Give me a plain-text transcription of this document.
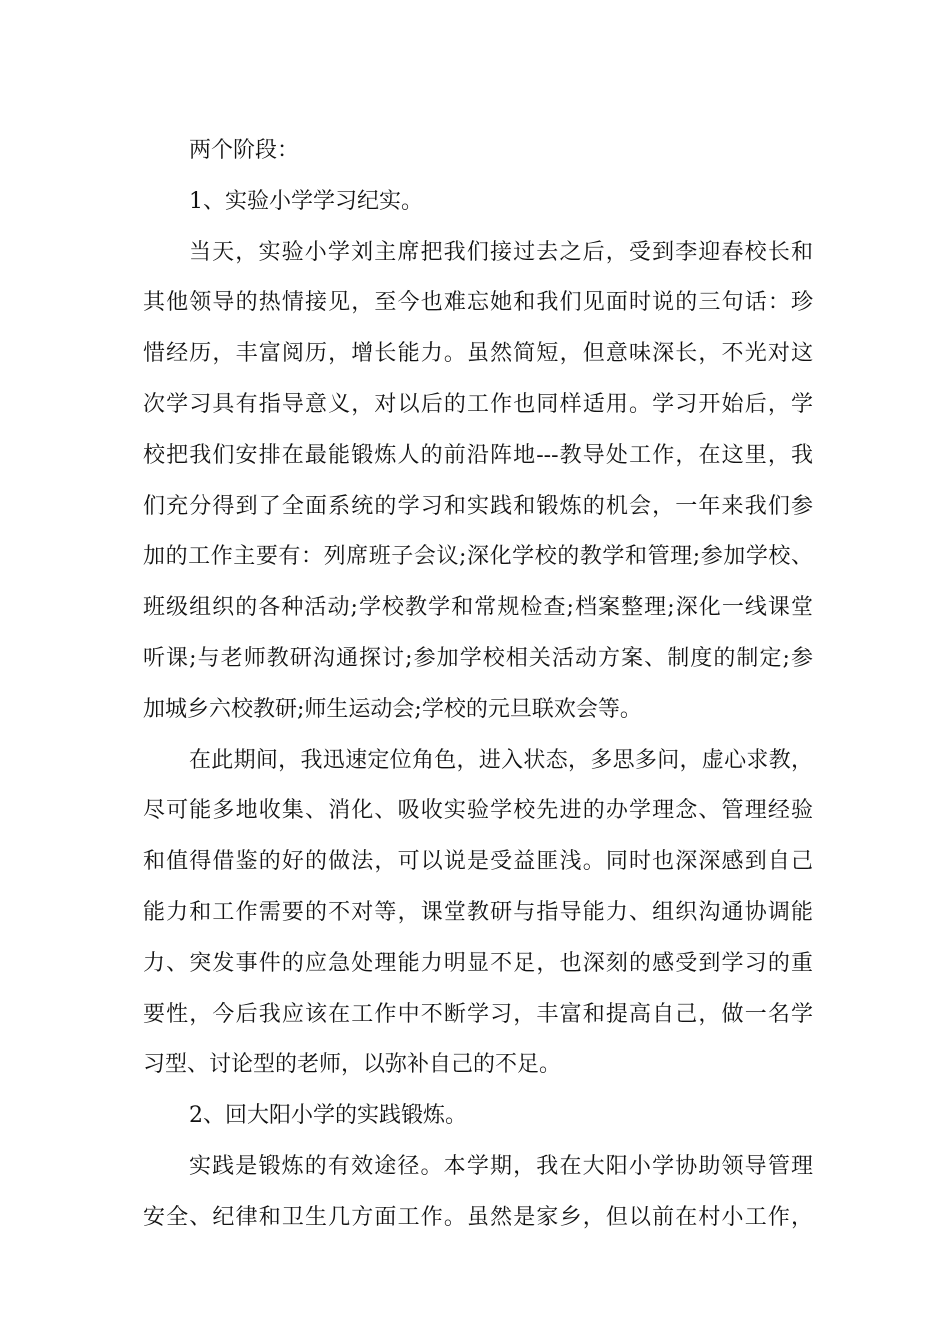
两个阶段：
1、实验小学学习纪实。
当天，实验小学刘主席把我们接过去之后，受到李迎春校长和
其他领导的热情接见，至今也难忘她和我们见面时说的三句话：珍
惜经历，丰富阅历，增长能力。虽然简短，但意味深长，不光对这
次学习具有指导意义，对以后的工作也同样适用。学习开始后，学
校把我们安排在最能锻炼人的前沿阵地---教导处工作，在这里，我
们充分得到了全面系统的学习和实践和锻炼的机会，一年来我们参
加的工作主要有：列席班子会议;深化学校的教学和管理;参加学校、
班级组织的各种活动;学校教学和常规检查;档案整理;深化一线课堂
听课;与老师教研沟通探讨;参加学校相关活动方案、制度的制定;参
加城乡六校教研;师生运动会;学校的元旦联欢会等。
在此期间，我迅速定位角色，进入状态，多思多问，虚心求教，
尽可能多地收集、消化、吸收实验学校先进的办学理念、管理经验
和值得借鉴的好的做法，可以说是受益匪浅。同时也深深感到自己
能力和工作需要的不对等，课堂教研与指导能力、组织沟通协调能
力、突发事件的应急处理能力明显不足，也深刻的感受到学习的重
要性，今后我应该在工作中不断学习，丰富和提高自己，做一名学
习型、讨论型的老师，以弥补自己的不足。
2、回大阳小学的实践锻炼。
实践是锻炼的有效途径。本学期，我在大阳小学协助领导管理
安全、纪律和卫生几方面工作。虽然是家乡，但以前在村小工作，
